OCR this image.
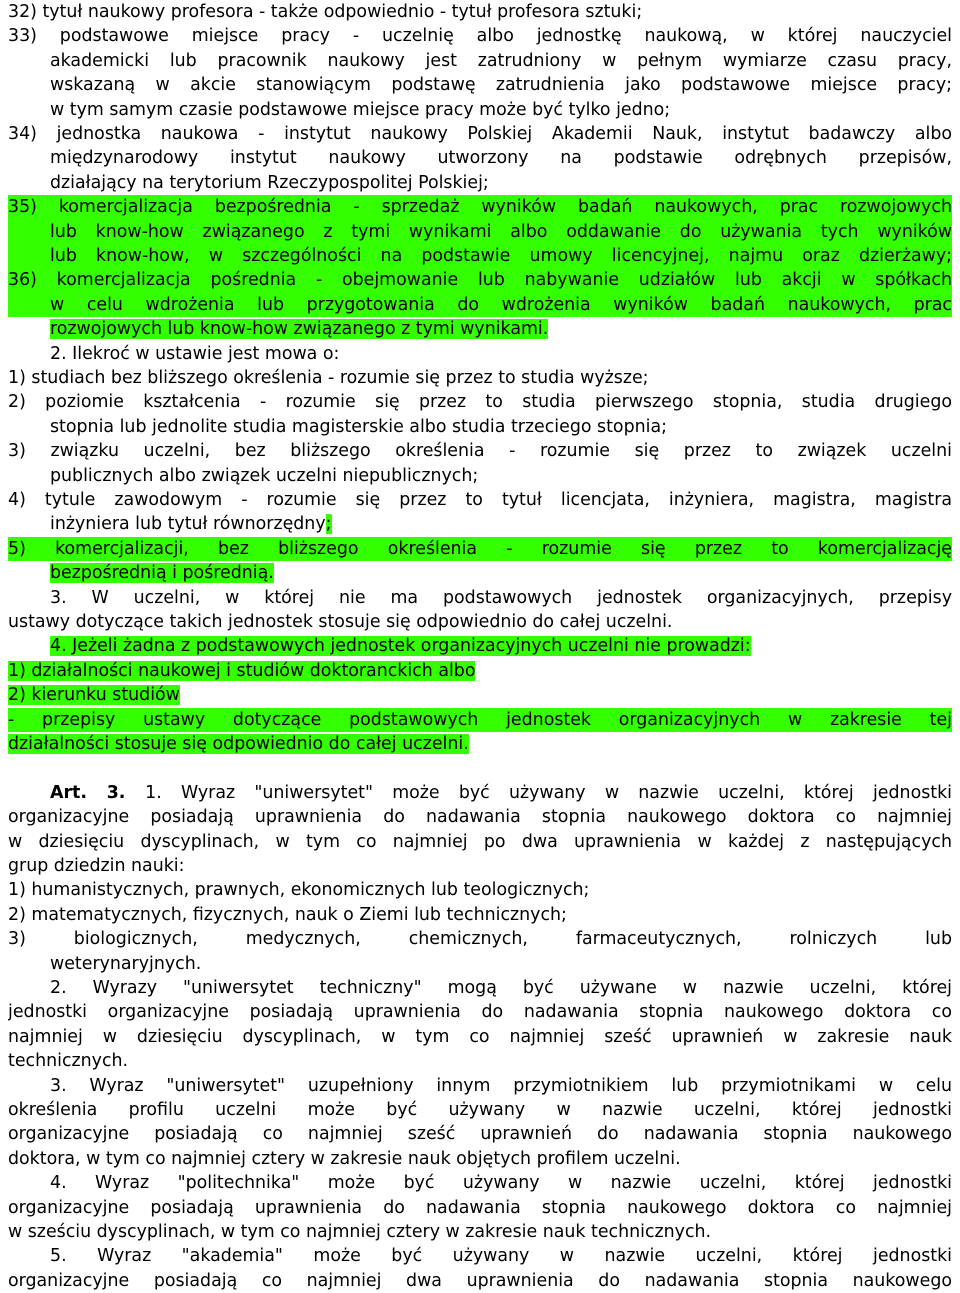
32) tytuł naukowy profesora - także odpowiednio - tytuł profesora sztuki;
33) podstawowe miejsce pracy - uczelnię albo jednostkę naukową, w której nauczyciel
akademicki lub pracownik naukowy jest zatrudniony w pełnym wymiarze czasu pracy,
wskazaną w akcie stanowiącym podstawę zatrudnienia jako podstawowe miejsce pracy;
w tym samym czasie podstawowe miejsce pracy może być tylko jedno;
34) jednostka naukowa - instytut naukowy Polskiej Akademii Nauk, instytut badawczy albo
międzynarodowy instytut naukowy utworzony na podstawie odrębnych przepisów,
działający na terytorium Rzeczypospolitej Polskiej;
35) komercjalizacja bezpośrednia - sprzedaż wyników badań naukowych, prac rozwojowych
lub know-how związanego z tymi wynikami albo oddawanie do używania tych wyników
lub know-how, w szczególności na podstawie umowy licencyjnej, najmu oraz dzierżawy;
36) komercjalizacja pośrednia - obejmowanie lub nabywanie udziałów lub akcji w spółkach
w celu wdrożenia lub przygotowania do wdrożenia wyników badań naukowych, prac
rozwojowych lub know-how związanego z tymi wynikami.
2. Ilekroć w ustawie jest mowa o:
1) studiach bez bliższego określenia - rozumie się przez to studia wyższe;
2) poziomie kształcenia - rozumie się przez to studia pierwszego stopnia, studia drugiego
stopnia lub jednolite studia magisterskie albo studia trzeciego stopnia;
3) związku uczelni, bez bliższego określenia - rozumie się przez to związek uczelni
publicznych albo związek uczelni niepublicznych;
4) tytule zawodowym - rozumie się przez to tytuł licencjata, inżyniera, magistra, magistra
inżyniera lub tytuł równorzędny;
5) komercjalizacji, bez bliższego określenia - rozumie się przez to komercjalizację
bezpośrednią i pośrednią.
3. W uczelni, w której nie ma podstawowych jednostek organizacyjnych, przepisy
ustawy dotyczące takich jednostek stosuje się odpowiednio do całej uczelni.
4. Jeżeli żadna z podstawowych jednostek organizacyjnych uczelni nie prowadzi:
1) działalności naukowej i studiów doktoranckich albo
2) kierunku studiów
- przepisy ustawy dotyczące podstawowych jednostek organizacyjnych w zakresie tej
działalności stosuje się odpowiednio do całej uczelni.
Art. 3. 1. Wyraz "uniwersytet" może być używany w nazwie uczelni, której jednostki
organizacyjne posiadają uprawnienia do nadawania stopnia naukowego doktora co najmniej
w dziesięciu dyscyplinach, w tym co najmniej po dwa uprawnienia w każdej z następujących
grup dziedzin nauki:
1) humanistycznych, prawnych, ekonomicznych lub teologicznych;
2) matematycznych, fizycznych, nauk o Ziemi lub technicznych;
3) biologicznych, medycznych, chemicznych, farmaceutycznych, rolniczych lub
weterynaryjnych.
2. Wyrazy "uniwersytet techniczny" mogą być używane w nazwie uczelni, której
jednostki organizacyjne posiadają uprawnienia do nadawania stopnia naukowego doktora co
najmniej w dziesięciu dyscyplinach, w tym co najmniej sześć uprawnień w zakresie nauk
technicznych.
3. Wyraz "uniwersytet" uzupełniony innym przymiotnikiem lub przymiotnikami w celu
określenia profilu uczelni może być używany w nazwie uczelni, której jednostki
organizacyjne posiadają co najmniej sześć uprawnień do nadawania stopnia naukowego
doktora, w tym co najmniej cztery w zakresie nauk objętych profilem uczelni.
4. Wyraz "politechnika" może być używany w nazwie uczelni, której jednostki
organizacyjne posiadają uprawnienia do nadawania stopnia naukowego doktora co najmniej
w sześciu dyscyplinach, w tym co najmniej cztery w zakresie nauk technicznych.
5. Wyraz "akademia" może być używany w nazwie uczelni, której jednostki
organizacyjne posiadają co najmniej dwa uprawnienia do nadawania stopnia naukowego
